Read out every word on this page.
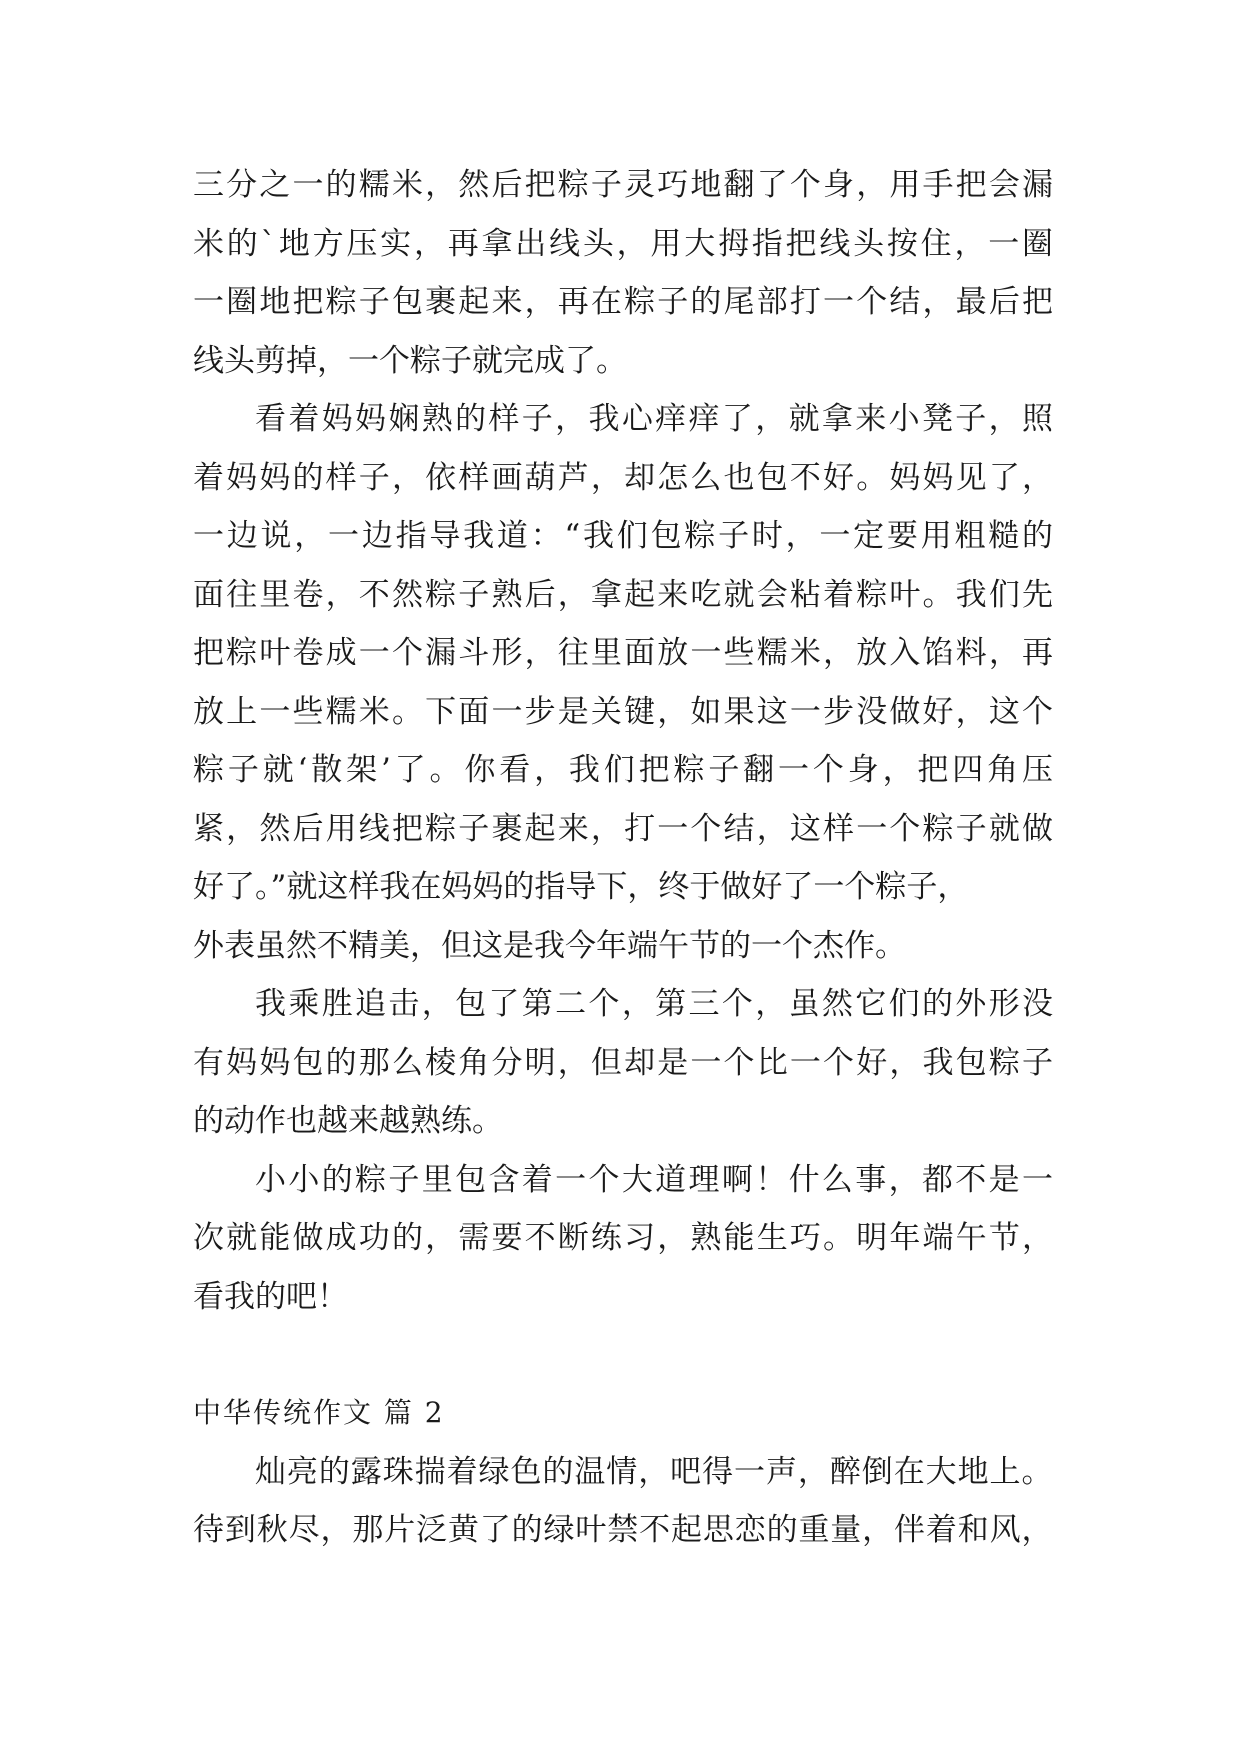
三分之一的糯米，然后把粽子灵巧地翻了个身，用手把会漏
米的`地方压实，再拿出线头，用大拇指把线头按住，一圈
一圈地把粽子包裹起来，再在粽子的尾部打一个结，最后把
线头剪掉，一个粽子就完成了。
看着妈妈娴熟的样子，我心痒痒了，就拿来小凳子，照
着妈妈的样子，依样画葫芦，却怎么也包不好。妈妈见了，
一边说，一边指导我道：“我们包粽子时，一定要用粗糙的
面往里卷，不然粽子熟后，拿起来吃就会粘着粽叶。我们先
把粽叶卷成一个漏斗形，往里面放一些糯米，放入馅料，再
放上一些糯米。下面一步是关键，如果这一步没做好，这个
粽子就‘散架’了。你看，我们把粽子翻一个身，把四角压
紧，然后用线把粽子裹起来，打一个结，这样一个粽子就做
好了。”就这样我在妈妈的指导下，终于做好了一个粽子，
外表虽然不精美，但这是我今年端午节的一个杰作。
我乘胜追击，包了第二个，第三个，虽然它们的外形没
有妈妈包的那么棱角分明，但却是一个比一个好，我包粽子
的动作也越来越熟练。
小小的粽子里包含着一个大道理啊！什么事，都不是一
次就能做成功的，需要不断练习，熟能生巧。明年端午节，
看我的吧！
中华传统作文 篇 2
灿亮的露珠揣着绿色的温情，吧得一声，醉倒在大地上。
待到秋尽，那片泛黄了的绿叶禁不起思恋的重量，伴着和风，
